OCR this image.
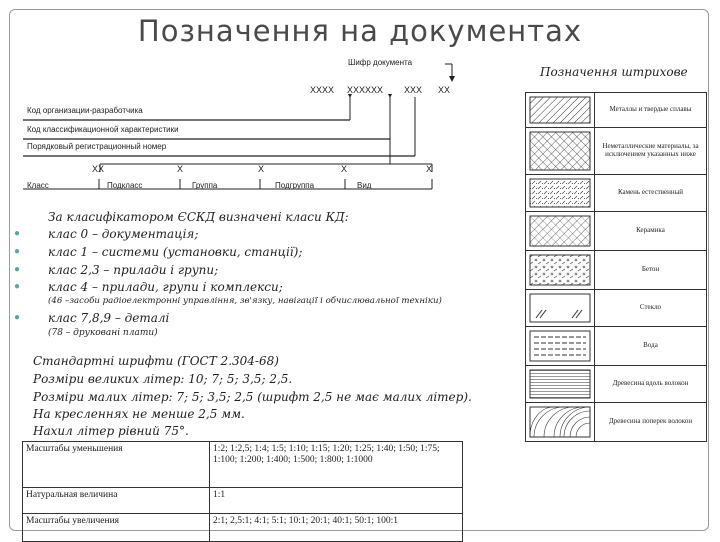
Позначення на документах
Шифр документа
XXXX XXXXXX XXX XX
Код организации-разработчика
Код классификационной характеристики
Порядковый регистрационный номер
XX	X	X	X	X
Класс	Подкласс	Группа	Подгруппа	Вид
За класифікатором ЄСКД визначені класи КД:
● клас 0 – документація;
● клас 1 – системи (установки, станції);
● клас 2,3 – прилади і групи;
● клас 4 – прилади, групи і комплекси;
(46 –засоби радіоелектронні управління, зв'язку, навігації і обчислювальної техніки)
● клас 7,8,9 – деталі
(78 – друковані плати)
Стандартні шрифти (ГОСТ 2.304-68)
Розміри великих літер: 10; 7; 5; 3,5; 2,5.
Розміри малих літер: 7; 5; 3,5; 2,5 (шрифт 2,5 не має малих літер).
На кресленнях не менше 2,5 мм.
Нахил літер рівний 75°.
Позначення штрихове
	Металлы и твердые сплавы

	Неметаллические материалы, за исключением указанных ниже

	Камень естественный

	Керамика

	Бетон

	Стекло

	Вода

	Древесина вдоль волокон

	Древесина поперек волокон
Масштабы уменьшения	1:2; 1:2,5; 1:4; 1:5; 1:10; 1:15; 1:20; 1:25; 1:40; 1:50; 1:75; 1:100; 1:200; 1:400; 1:500; 1:800; 1:1000
Натуральная величина	1:1
Масштабы увеличения	2:1; 2,5:1; 4:1; 5:1; 10:1; 20:1; 40:1; 50:1; 100:1
